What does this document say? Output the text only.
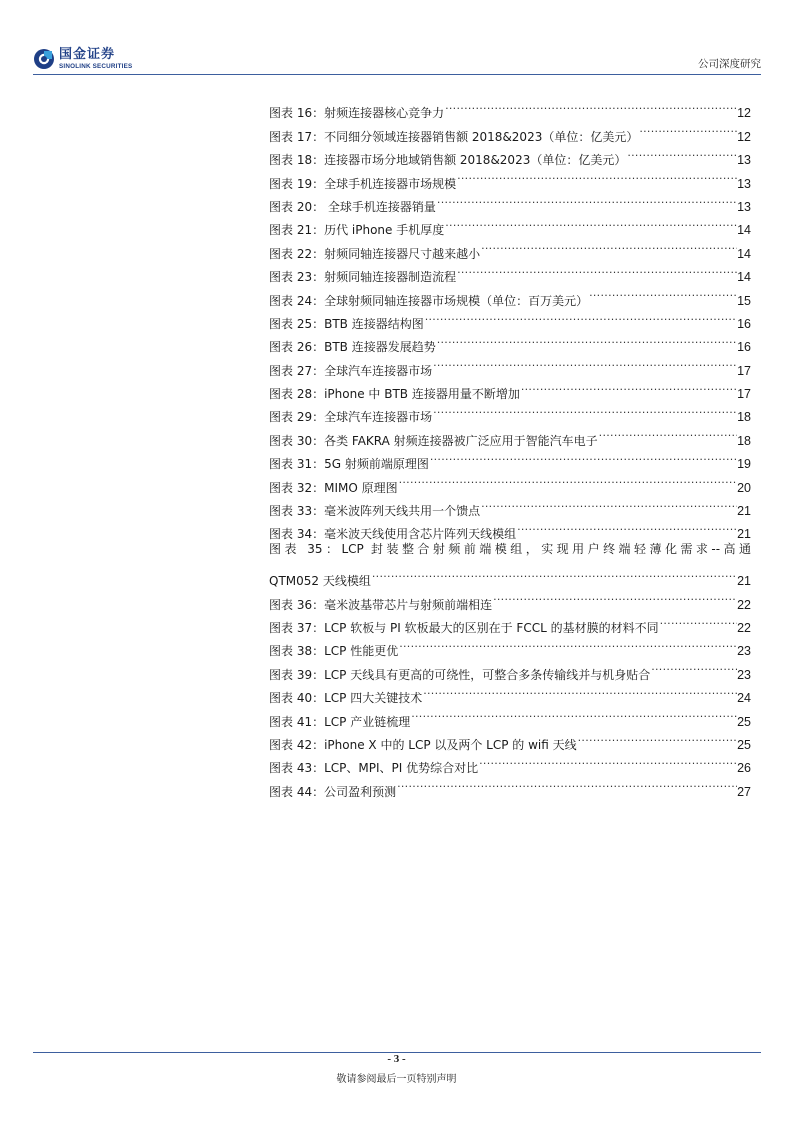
国金证券
SINOLINK SECURITIES	公司深度研究
图表 16：射频连接器核心竞争力 .....	12
图表 17：不同细分领域连接器销售额 2018&2023（单位：亿美元） .....	12
图表 18：连接器市场分地域销售额 2018&2023（单位：亿美元） .....	13
图表 19：全球手机连接器市场规模 .....	13
图表 20： 全球手机连接器销量 .....	13
图表 21：历代 iPhone 手机厚度 .....	14
图表 22：射频同轴连接器尺寸越来越小 .....	14
图表 23：射频同轴连接器制造流程 .....	14
图表 24：全球射频同轴连接器市场规模（单位：百万美元） .....	15
图表 25：BTB 连接器结构图 .....	16
图表 26：BTB 连接器发展趋势 .....	16
图表 27：全球汽车连接器市场 .....	17
图表 28：iPhone 中 BTB 连接器用量不断增加 .....	17
图表 29：全球汽车连接器市场 .....	18
图表 30：各类 FAKRA 射频连接器被广泛应用于智能汽车电子 .....	18
图表 31：5G 射频前端原理图 .....	19
图表 32：MIMO 原理图 .....	20
图表 33：毫米波阵列天线共用一个馈点 .....	21
图表 34：毫米波天线使用含芯片阵列天线模组 .....	21
图表 35：LCP 封装整合射频前端模组，实现用户终端轻薄化需求--高通
QTM052 天线模组 .....	21
图表 36：毫米波基带芯片与射频前端相连 .....	22
图表 37：LCP 软板与 PI 软板最大的区别在于 FCCL 的基材膜的材料不同 .....	22
图表 38：LCP 性能更优 .....	23
图表 39：LCP 天线具有更高的可绕性，可整合多条传输线并与机身贴合 .....	23
图表 40：LCP 四大关键技术 .....	24
图表 41：LCP 产业链梳理 .....	25
图表 42：iPhone X 中的 LCP 以及两个 LCP 的 wifi 天线 .....	25
图表 43：LCP、MPI、PI 优势综合对比 .....	26
图表 44：公司盈利预测 .....	27
- 3 -
敬请参阅最后一页特别声明
